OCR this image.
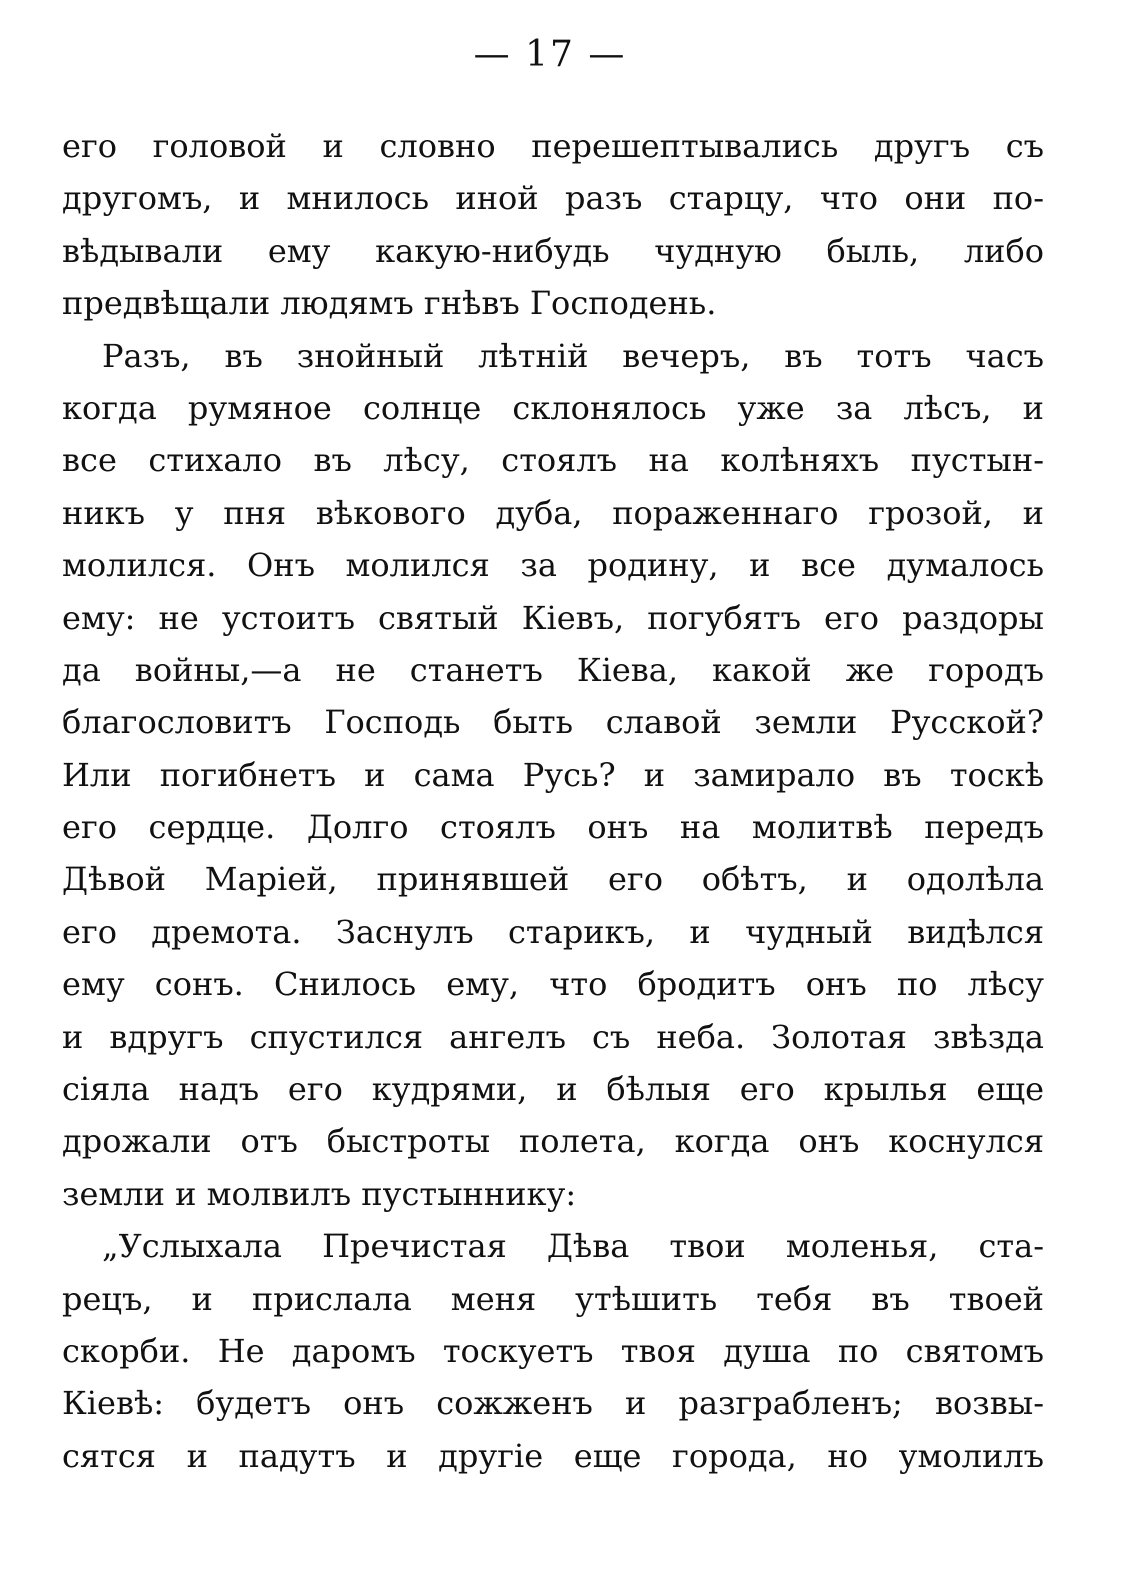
— 17 —
его головой и словно перешептывались другъ съ
другомъ, и мнилось иной разъ старцу, что они по-
вѣдывали ему какую-нибудь чудную быль, либо
предвѣщали людямъ гнѣвъ Господень.
Разъ, въ знойный лѣтній вечеръ, въ тотъ часъ
когда румяное солнце склонялось уже за лѣсъ, и
все стихало въ лѣсу, стоялъ на колѣняхъ пустын-
никъ у пня вѣкового дуба, пораженнаго грозой, и
молился. Онъ молился за родину, и все думалось
ему: не устоитъ святый Кіевъ, погубятъ его раздоры
да войны,—а не станетъ Кіева, какой же городъ
благословитъ Господь быть славой земли Русской?
Или погибнетъ и сама Русь? и замирало въ тоскѣ
его сердце. Долго стоялъ онъ на молитвѣ передъ
Дѣвой Маріей, принявшей его обѣтъ, и одолѣла
его дремота. Заснулъ старикъ, и чудный видѣлся
ему сонъ. Снилось ему, что бродитъ онъ по лѣсу
и вдругъ спустился ангелъ съ неба. Золотая звѣзда
сіяла надъ его кудрями, и бѣлыя его крылья еще
дрожали отъ быстроты полета, когда онъ коснулся
земли и молвилъ пустыннику:
„Услыхала Пречистая Дѣва твои моленья, ста-
рецъ, и прислала меня утѣшить тебя въ твоей
скорби. Не даромъ тоскуетъ твоя душа по святомъ
Кіевѣ: будетъ онъ сожженъ и разграбленъ; возвы-
сятся и падутъ и другіе еще города, но умолилъ
